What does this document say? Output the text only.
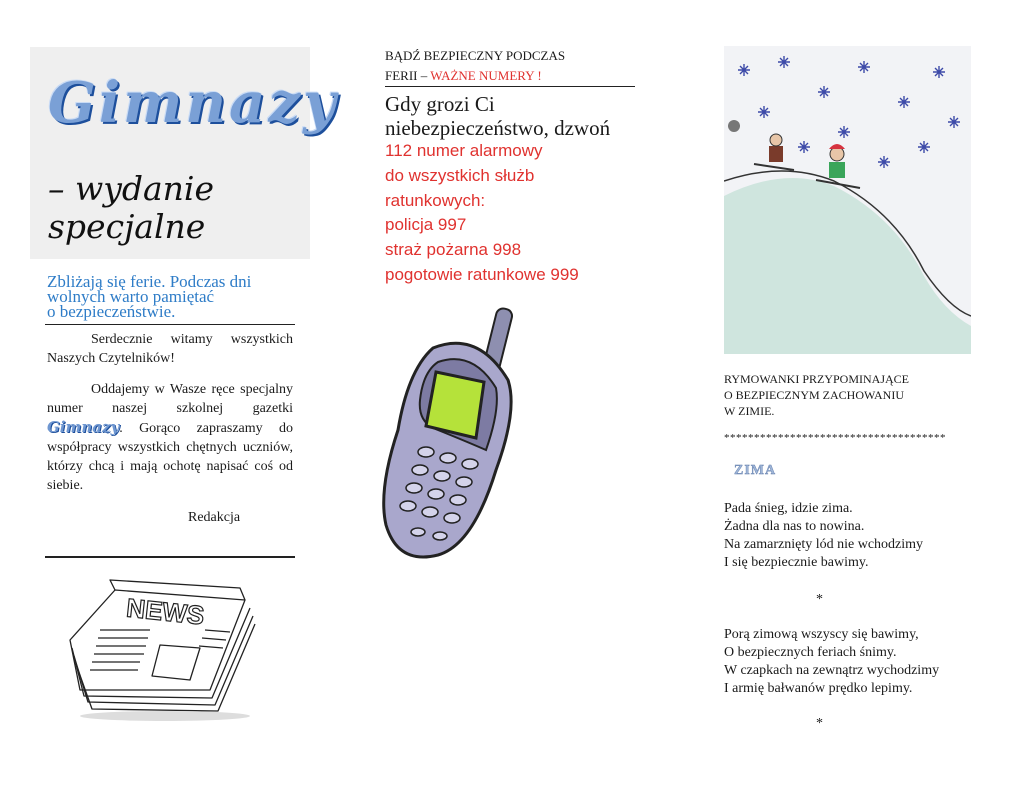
Gimnazy
– wydanie
specjalne
Zbliżają się ferie. Podczas dni
wolnych warto pamiętać
o bezpieczeństwie.

Serdecznie witamy wszystkich Naszych Czytelników!

Oddajemy w Wasze ręce specjalny numer naszej szkolnej gazetki Gimnazy. Gorąco zapraszamy do współpracy wszystkich chętnych uczniów, którzy chcą i mają ochotę napisać coś od siebie.

Redakcja
NEWS
BĄDŹ BEZPIECZNY PODCZAS
FERII – WAŻNE NUMERY !
Gdy grozi Ci
niebezpieczeństwo, dzwoń
112 numer alarmowy
do wszystkich służb
ratunkowych:
policja 997
straż pożarna 998
pogotowie ratunkowe 999
RYMOWANKI PRZYPOMINAJĄCE
O BEZPIECZNYM ZACHOWANIU
W ZIMIE.
*************************************
ZIMA
Pada śnieg, idzie zima.
Żadna dla nas to nowina.
Na zamarznięty lód nie wchodzimy
I się bezpiecznie bawimy.
*
Porą zimową wszyscy się bawimy,
O bezpiecznych feriach śnimy.
W czapkach na zewnątrz wychodzimy
I armię bałwanów prędko lepimy.
*
